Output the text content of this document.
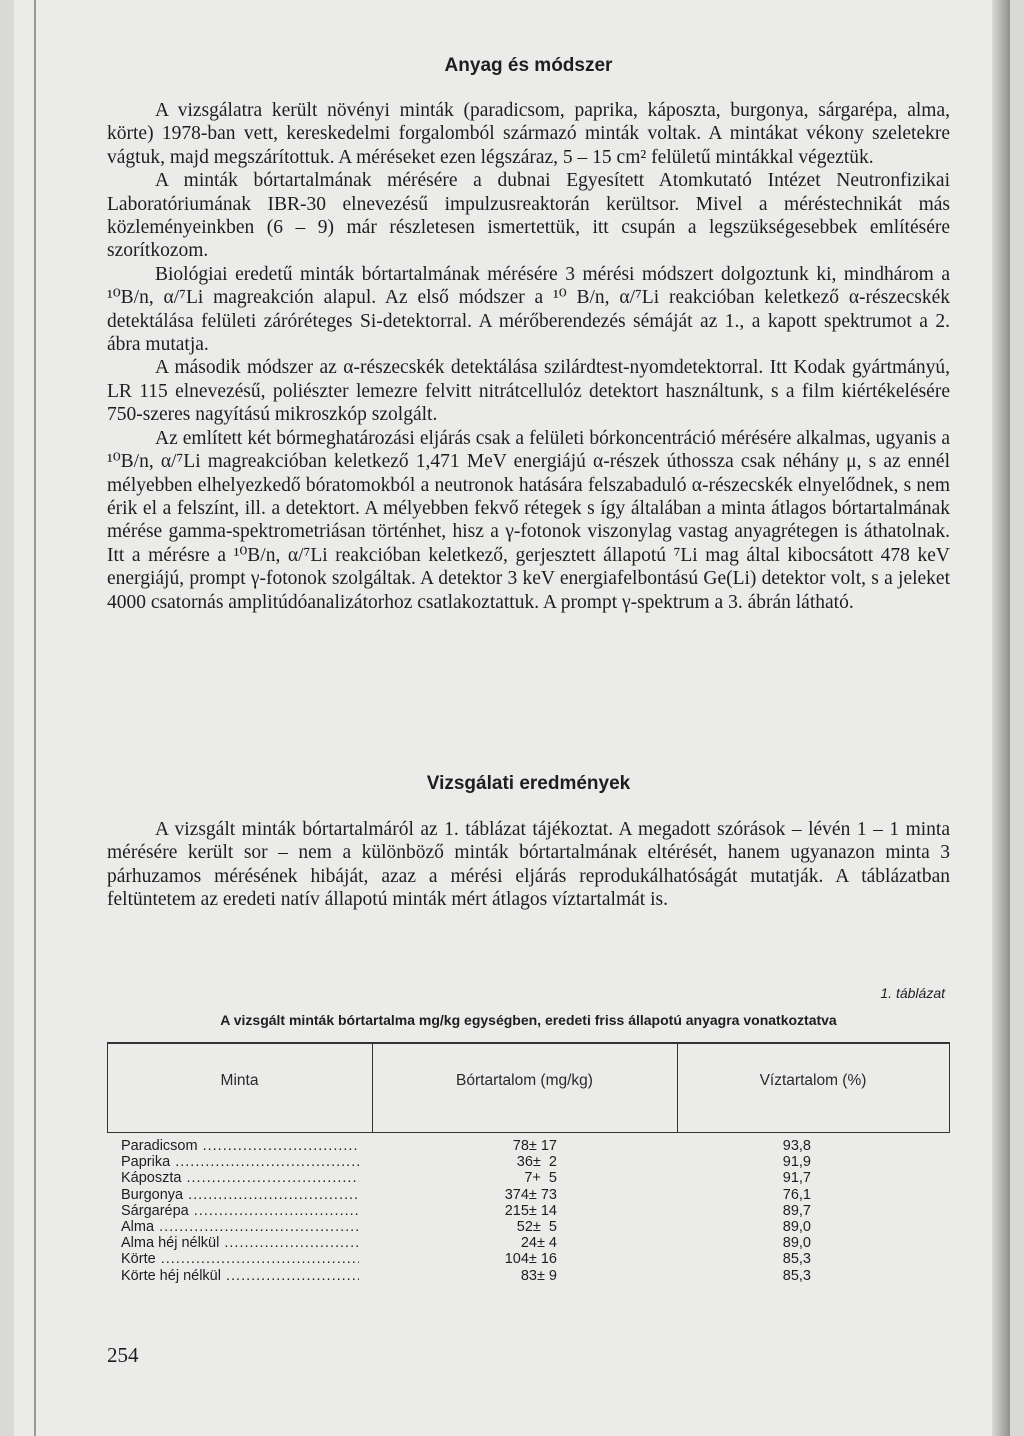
Anyag és módszer

A vizsgálatra került növényi minták (paradicsom, paprika, káposzta, burgonya, sárgarépa, alma, körte) 1978-ban vett, kereskedelmi forgalomból származó minták voltak. A mintákat vékony szeletekre vágtuk, majd megszárítottuk. A méréseket ezen légszáraz, 5 – 15 cm² felületű mintákkal végeztük.

A minták bórtartalmának mérésére a dubnai Egyesített Atomkutató Intézet Neutronfizikai Laboratóriumának IBR-30 elnevezésű impulzusreaktorán kerültsor. Mivel a méréstechnikát más közleményeinkben (6 – 9) már részletesen ismertettük, itt csupán a legszükségesebbek említésére szorítkozom.

Biológiai eredetű minták bórtartalmának mérésére 3 mérési módszert dolgoztunk ki, mindhárom a ¹⁰B/n, α/⁷Li magreakción alapul. Az első módszer a ¹⁰ B/n, α/⁷Li reakcióban keletkező α-részecskék detektálása felületi záróréteges Si-detektorral. A mérőberendezés sémáját az 1., a kapott spektrumot a 2. ábra mutatja.

A második módszer az α-részecskék detektálása szilárdtest-nyomdetektorral. Itt Kodak gyártmányú, LR 115 elnevezésű, poliészter lemezre felvitt nitrátcellulóz detektort használtunk, s a film kiértékelésére 750-szeres nagyítású mikroszkóp szolgált.

Az említett két bórmeghatározási eljárás csak a felületi bórkoncentráció mérésére alkalmas, ugyanis a ¹⁰B/n, α/⁷Li magreakcióban keletkező 1,471 MeV energiájú α-részek úthossza csak néhány μ, s az ennél mélyebben elhelyezkedő bóratomokból a neutronok hatására felszabaduló α-részecskék elnyelődnek, s nem érik el a felszínt, ill. a detektort. A mélyebben fekvő rétegek s így általában a minta átlagos bórtartalmának mérése gamma-spektrometriásan történhet, hisz a γ-fotonok viszonylag vastag anyagrétegen is áthatolnak. Itt a mérésre a ¹⁰B/n, α/⁷Li reakcióban keletkező, gerjesztett állapotú ⁷Li mag által kibocsátott 478 keV energiájú, prompt γ-fotonok szolgáltak. A detektor 3 keV energiafelbontású Ge(Li) detektor volt, s a jeleket 4000 csatornás amplitúdóanalizátorhoz csatlakoztattuk. A prompt γ-spektrum a 3. ábrán látható.

Vizsgálati eredmények

A vizsgált minták bórtartalmáról az 1. táblázat tájékoztat. A megadott szórások – lévén 1 – 1 minta mérésére került sor – nem a különböző minták bórtartalmának eltérését, hanem ugyanazon minta 3 párhuzamos mérésének hibáját, azaz a mérési eljárás reprodukálhatóságát mutatják. A táblázatban feltüntetem az eredeti natív állapotú minták mért átlagos víztartalmát is.

1. táblázat
A vizsgált minták bórtartalma mg/kg egységben, eredeti friss állapotú anyagra vonatkoztatva
Minta	Bórtartalom (mg/kg)	Víztartalom (%)
Paradicsom .....	78± 17	93,8
Paprika .....	36±  2	91,9
Káposzta .....	7+  5	91,7
Burgonya .....	374± 73	76,1
Sárgarépa .....	215± 14	89,7
Alma .....	52±  5	89,0
Alma héj nélkül .....	24± 4	89,0
Körte .....	104± 16	85,3
Körte héj nélkül .....	83± 9	85,3
254
